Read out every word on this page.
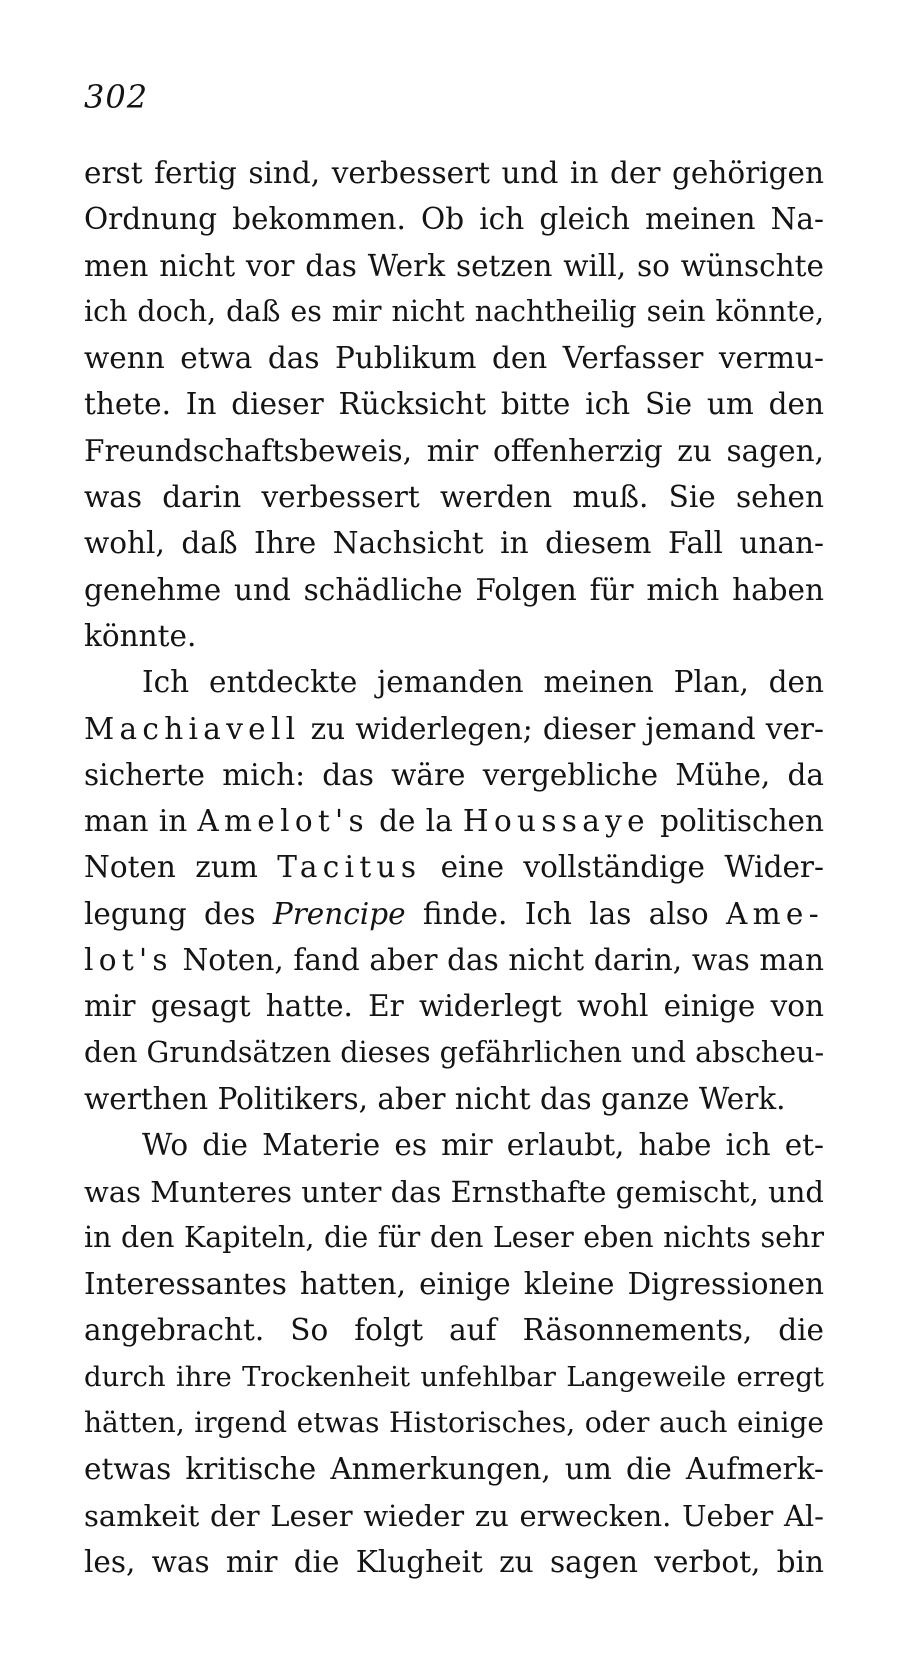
302
erst fertig sind, verbessert und in der gehörigen
Ordnung bekommen. Ob ich gleich meinen Na-
men nicht vor das Werk setzen will, so wünschte
ich doch, daß es mir nicht nachtheilig sein könnte,
wenn etwa das Publikum den Verfasser vermu-
thete. In dieser Rücksicht bitte ich Sie um den
Freundschaftsbeweis, mir offenherzig zu sagen,
was darin verbessert werden muß. Sie sehen
wohl, daß Ihre Nachsicht in diesem Fall unan-
genehme und schädliche Folgen für mich haben
könnte.
Ich entdeckte jemanden meinen Plan, den
Machiavell zu widerlegen; dieser jemand ver-
sicherte mich: das wäre vergebliche Mühe, da
man in Amelot's de la Houssaye politischen
Noten zum Tacitus eine vollständige Wider-
legung des Prencipe finde. Ich las also Ame-
lot's Noten, fand aber das nicht darin, was man
mir gesagt hatte. Er widerlegt wohl einige von
den Grundsätzen dieses gefährlichen und abscheu-
werthen Politikers, aber nicht das ganze Werk.
Wo die Materie es mir erlaubt, habe ich et-
was Munteres unter das Ernsthafte gemischt, und
in den Kapiteln, die für den Leser eben nichts sehr
Interessantes hatten, einige kleine Digressionen
angebracht. So folgt auf Räsonnements, die
durch ihre Trockenheit unfehlbar Langeweile erregt
hätten, irgend etwas Historisches, oder auch einige
etwas kritische Anmerkungen, um die Aufmerk-
samkeit der Leser wieder zu erwecken. Ueber Al-
les, was mir die Klugheit zu sagen verbot, bin
